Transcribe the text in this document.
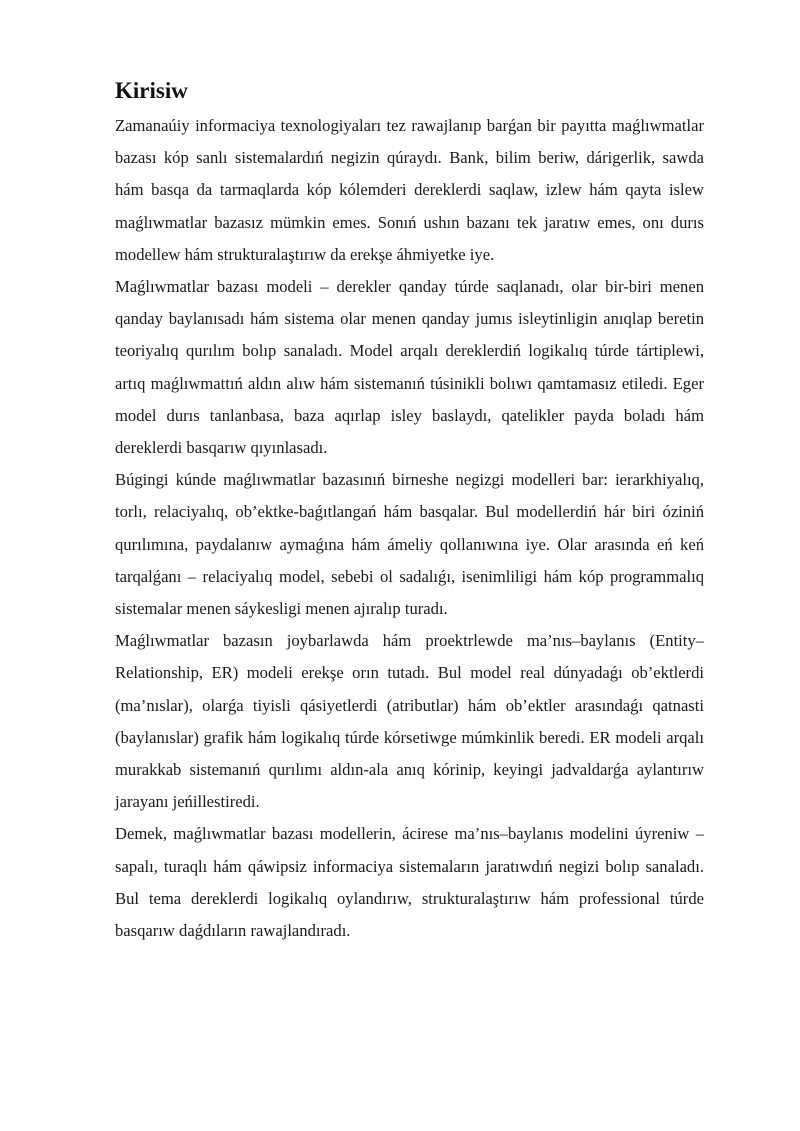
Kirisiw

Zamanaúiy informaciya texnologiyaları tez rawajlanıp barǵan bir payıtta maǵlıwmatlar bazası kóp sanlı sistemalardıń negizin qúraydı. Bank, bilim beriw, dárigerlik, sawda hám basqa da tarmaqlarda kóp kólemderi dereklerdi saqlaw, izlew hám qayta islew maǵlıwmatlar bazasız mümkin emes. Sonıń ushın bazanı tek jaratıw emes, onı durıs modellew hám strukturalaştırıw da erekşe áhmiyetke iye.

Maǵlıwmatlar bazası modeli – derekler qanday túrde saqlanadı, olar bir-biri menen qanday baylanısadı hám sistema olar menen qanday jumıs isleytinligin anıqlap beretin teoriyalıq qurılım bolıp sanaladı. Model arqalı dereklerdiń logikalıq túrde tártiplewi, artıq maǵlıwmattıń aldın alıw hám sistemanıń túsinikli bolıwı qamtamasız etiledi. Eger model durıs tanlanbasa, baza aqırlap isley baslaydı, qatelikler payda boladı hám dereklerdi basqarıw qıyınlasadı.

Búgingi kúnde maǵlıwmatlar bazasınıń birneshe negizgi modelleri bar: ierarkhiyalıq, torlı, relaciyalıq, ob’ektke-baǵıtlangań hám basqalar. Bul modellerdiń hár biri óziniń qurılımına, paydalanıw aymaǵına hám ámeliy qollanıwına iye. Olar arasında eń keń tarqalǵanı – relaciyalıq model, sebebi ol sadalıǵı, isenimliligi hám kóp programmalıq sistemalar menen sáykesligi menen ajıralıp turadı.

Maǵlıwmatlar bazasın joybarlawda hám proektrlewde ma’nıs–baylanıs (Entity–Relationship, ER) modeli erekşe orın tutadı. Bul model real dúnyadaǵı ob’ektlerdi (ma’nıslar), olarǵa tiyisli qásiyetlerdi (atributlar) hám ob’ektler arasındaǵı qatnasti (baylanıslar) grafik hám logikalıq túrde kórsetiwge múmkinlik beredi. ER modeli arqalı murakkab sistemanıń qurılımı aldın-ala anıq kórinip, keyingi jadvaldarǵa aylantırıw jarayanı jeńillestiredi.

Demek, maǵlıwmatlar bazası modellerin, ácirese ma’nıs–baylanıs modelini úyreniw – sapalı, turaqlı hám qáwipsiz informaciya sistemaların jaratıwdıń negizi bolıp sanaladı. Bul tema dereklerdi logikalıq oylandırıw, strukturalaştırıw hám professional túrde basqarıw daǵdıların rawajlandıradı.
